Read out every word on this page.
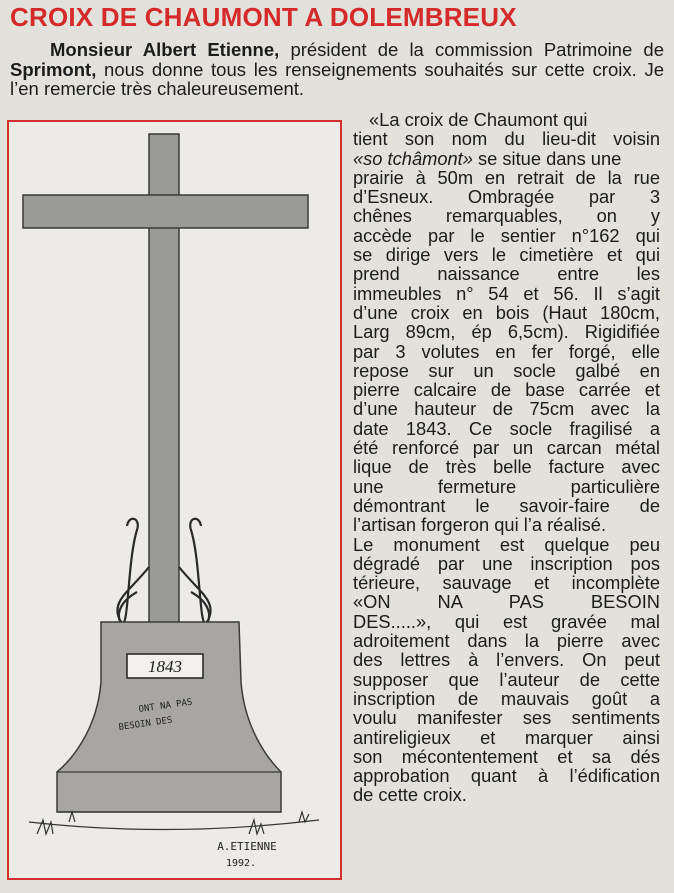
CROIX DE CHAUMONT A DOLEMBREUX
Monsieur Albert Etienne, président de la commission Patrimoine de Sprimont, nous donne tous les renseignements souhaités sur cette croix. Je l’en remercie très chaleureusement.
1843
ONT NA PAS
BESOIN DES
A.ETIENNE
1992.
«La croix de Chaumont qui
tient son nom du lieu-dit voisin
«so tchâmont» se situe dans une
prairie à 50m en retrait de la rue
d’Esneux. Ombragée par 3
chênes remarquables, on y
accède par le sentier n°162 qui
se dirige vers le cimetière et qui
prend naissance entre les
immeubles n° 54 et 56. Il s’agit
d’une croix en bois (Haut 180cm,
Larg 89cm, ép 6,5cm). Rigidifiée
par 3 volutes en fer forgé, elle
repose sur un socle galbé en
pierre calcaire de base carrée et
d’une hauteur de 75cm avec la
date 1843. Ce socle fragilisé a
été renforcé par un carcan métal
lique de très belle facture avec
une fermeture particulière
démontrant le savoir-faire de
l’artisan forgeron qui l’a réalisé.
Le monument est quelque peu
dégradé par une inscription pos
térieure, sauvage et incomplète
«ON NA PAS BESOIN
DES.....», qui est gravée mal
adroitement dans la pierre avec
des lettres à l’envers. On peut
supposer que l’auteur de cette
inscription de mauvais goût a
voulu manifester ses sentiments
antireligieux et marquer ainsi
son mécontentement et sa dés
approbation quant à l’édification
de cette croix.
